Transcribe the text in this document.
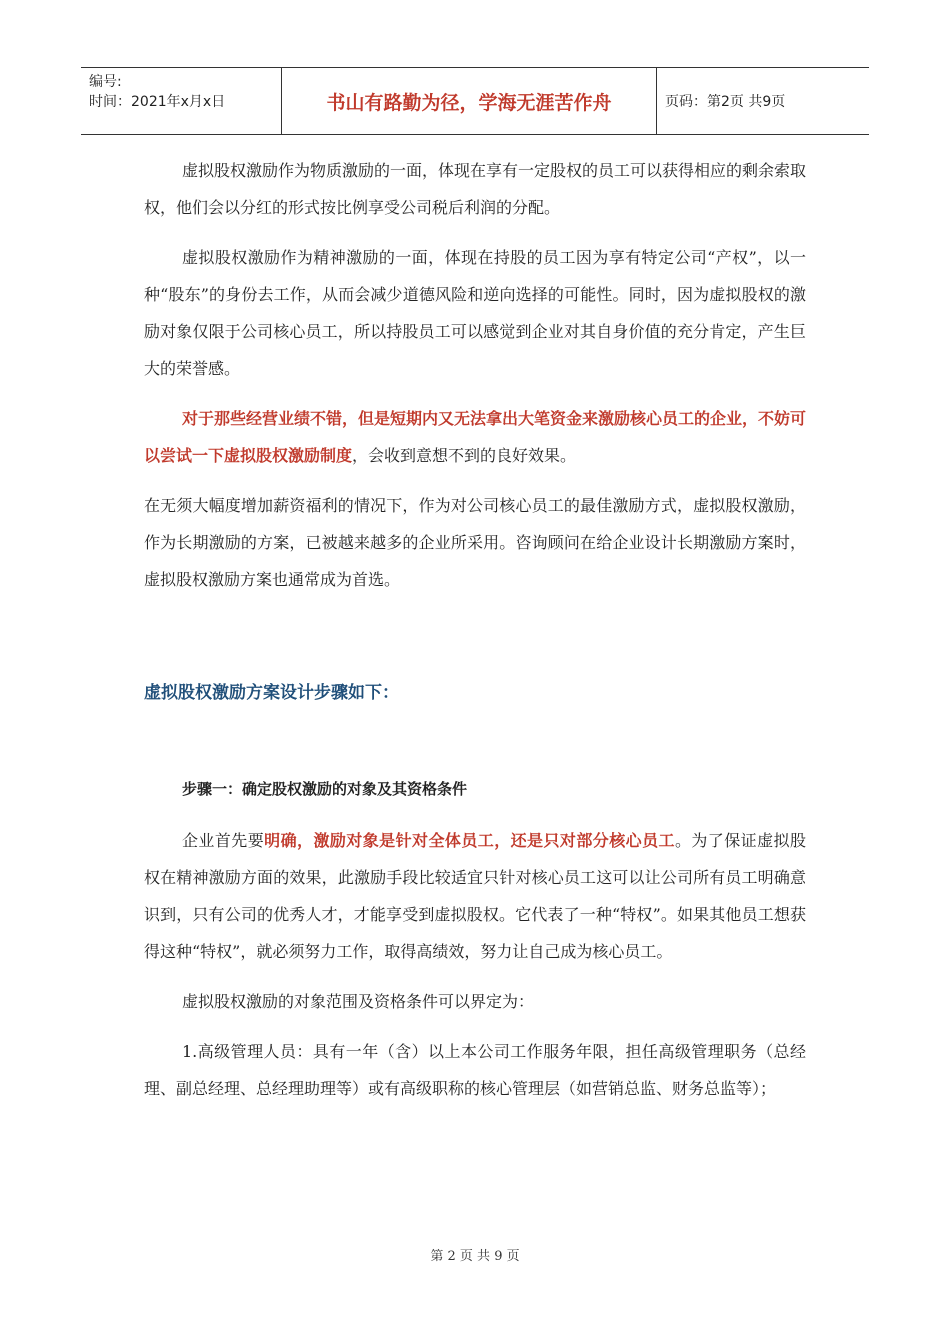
编号:
时间：2021年x月x日	书山有路勤为径，学海无涯苦作舟	页码：第2页 共9页

虚拟股权激励作为物质激励的一面，体现在享有一定股权的员工可以获得相应的剩余索取权，他们会以分红的形式按比例享受公司税后利润的分配。

虚拟股权激励作为精神激励的一面，体现在持股的员工因为享有特定公司“产权”，以一种“股东”的身份去工作，从而会减少道德风险和逆向选择的可能性。同时，因为虚拟股权的激励对象仅限于公司核心员工，所以持股员工可以感觉到企业对其自身价值的充分肯定，产生巨大的荣誉感。

对于那些经营业绩不错，但是短期内又无法拿出大笔资金来激励核心员工的企业，不妨可以尝试一下虚拟股权激励制度，会收到意想不到的良好效果。

在无须大幅度增加薪资福利的情况下，作为对公司核心员工的最佳激励方式，虚拟股权激励，作为长期激励的方案，已被越来越多的企业所采用。咨询顾问在给企业设计长期激励方案时，虚拟股权激励方案也通常成为首选。

虚拟股权激励方案设计步骤如下：
步骤一：确定股权激励的对象及其资格条件

企业首先要明确，激励对象是针对全体员工，还是只对部分核心员工。为了保证虚拟股权在精神激励方面的效果，此激励手段比较适宜只针对核心员工这可以让公司所有员工明确意识到，只有公司的优秀人才，才能享受到虚拟股权。它代表了一种“特权”。如果其他员工想获得这种“特权”，就必须努力工作，取得高绩效，努力让自己成为核心员工。

虚拟股权激励的对象范围及资格条件可以界定为：

1.高级管理人员：具有一年（含）以上本公司工作服务年限，担任高级管理职务（总经理、副总经理、总经理助理等）或有高级职称的核心管理层（如营销总监、财务总监等）；

第 2 页 共 9 页
